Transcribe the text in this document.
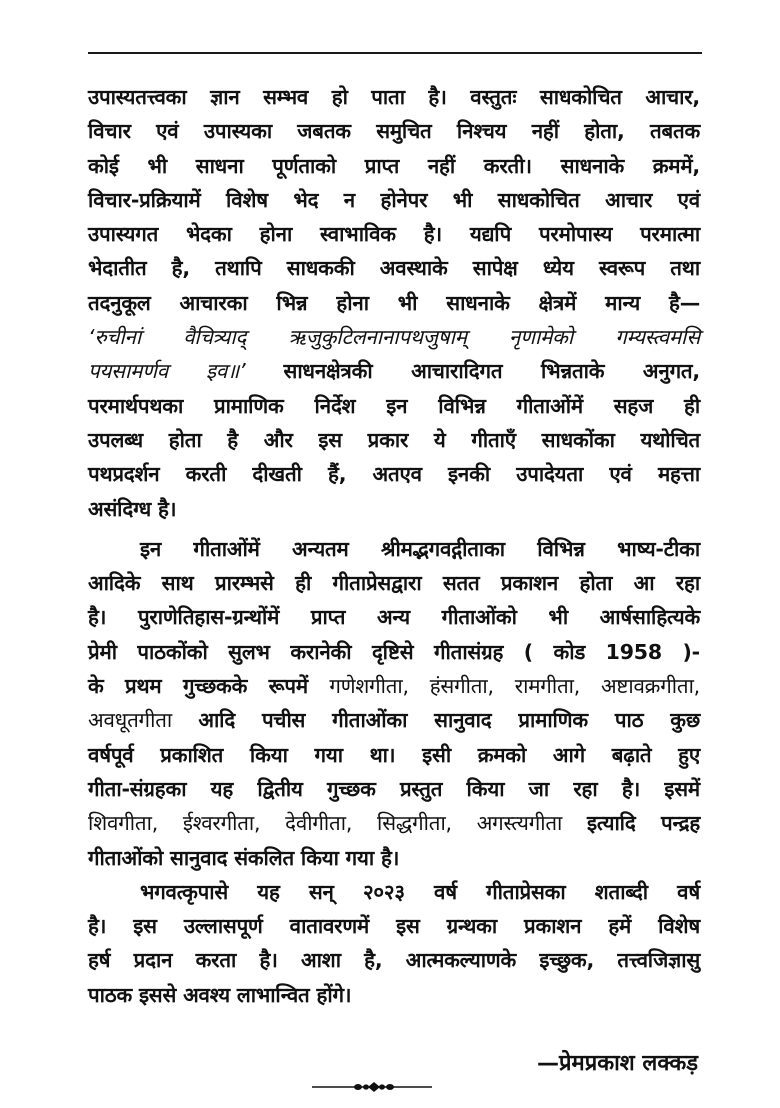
उपास्यतत्त्वका ज्ञान सम्भव हो पाता है। वस्तुतः साधकोचित आचार,
विचार एवं उपास्यका जबतक समुचित निश्चय नहीं होता, तबतक
कोई भी साधना पूर्णताको प्राप्त नहीं करती। साधनाके क्रममें,
विचार-प्रक्रियामें विशेष भेद न होनेपर भी साधकोचित आचार एवं
उपास्यगत भेदका होना स्वाभाविक है। यद्यपि परमोपास्य परमात्मा
भेदातीत है, तथापि साधककी अवस्थाके सापेक्ष ध्येय स्वरूप तथा
तदनुकूल आचारका भिन्न होना भी साधनाके क्षेत्रमें मान्य है—
‘रुचीनां वैचित्र्याद् ऋजुकुटिलनानापथजुषाम् नृणामेको गम्यस्त्वमसि
पयसामर्णव इव॥’ साधनक्षेत्रकी आचारादिगत भिन्नताके अनुगत,
परमार्थपथका प्रामाणिक निर्देश इन विभिन्न गीताओंमें सहज ही
उपलब्ध होता है और इस प्रकार ये गीताएँ साधकोंका यथोचित
पथप्रदर्शन करती दीखती हैं, अतएव इनकी उपादेयता एवं महत्ता
असंदिग्ध है।
इन गीताओंमें अन्यतम श्रीमद्भगवद्गीताका विभिन्न भाष्य-टीका
आदिके साथ प्रारम्भसे ही गीताप्रेसद्वारा सतत प्रकाशन होता आ रहा
है। पुराणेतिहास-ग्रन्थोंमें प्राप्त अन्य गीताओंको भी आर्षसाहित्यके
प्रेमी पाठकोंको सुलभ करानेकी दृष्टिसे गीतासंग्रह ( कोड 1958 )-
के प्रथम गुच्छकके रूपमें गणेशगीता, हंसगीता, रामगीता, अष्टावक्रगीता,
अवधूतगीता आदि पचीस गीताओंका सानुवाद प्रामाणिक पाठ कुछ
वर्षपूर्व प्रकाशित किया गया था। इसी क्रमको आगे बढ़ाते हुए
गीता-संग्रहका यह द्वितीय गुच्छक प्रस्तुत किया जा रहा है। इसमें
शिवगीता, ईश्वरगीता, देवीगीता, सिद्धगीता, अगस्त्यगीता इत्यादि पन्द्रह
गीताओंको सानुवाद संकलित किया गया है।
भगवत्कृपासे यह सन् २०२३ वर्ष गीताप्रेसका शताब्दी वर्ष
है। इस उल्लासपूर्ण वातावरणमें इस ग्रन्थका प्रकाशन हमें विशेष
हर्ष प्रदान करता है। आशा है, आत्मकल्याणके इच्छुक, तत्त्वजिज्ञासु
पाठक इससे अवश्य लाभान्वित होंगे।
—प्रेमप्रकाश लक्कड़
